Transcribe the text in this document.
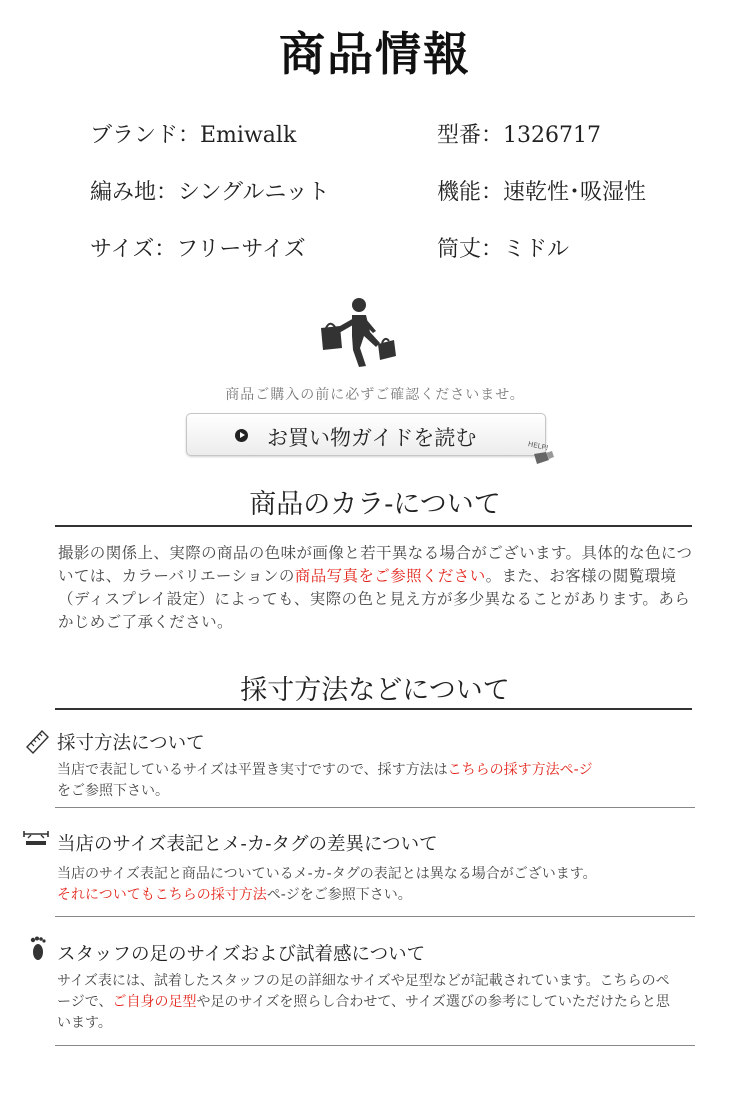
商品情報
ブランド：Emiwalk	型番：1326717
編み地：シングルニット	機能：速乾性･吸湿性
サイズ：フリーサイズ	筒丈：ミドル
商品ご購入の前に必ずご確認くださいませ。
お買い物ガイドを読む	HELP!
商品のカラ-について
撮影の関係上、実際の商品の色味が画像と若干異なる場合がございます。具体的な色については、カラーバリエーションの商品写真をご参照ください。また、お客様の閲覧環境（ディスプレイ設定）によっても、実際の色と見え方が多少異なることがあります。あらかじめご了承ください。
採寸方法などについて
採寸方法について
当店で表記しているサイズは平置き実寸ですので、採す方法はこちらの採す方法ペ-ジ
をご参照下さい。
当店のサイズ表記とメ-カ-タグの差異について
当店のサイズ表記と商品についているメ-カ-タグの表記とは異なる場合がございます。
それについてもこちらの採寸方法ペ-ジをご参照下さい。
スタッフの足のサイズおよび試着感について
サイズ表には、試着したスタッフの足の詳細なサイズや足型などが記載されています。こちらのページで、ご自身の足型や足のサイズを照らし合わせて、サイズ選びの参考にしていただけたらと思います。
